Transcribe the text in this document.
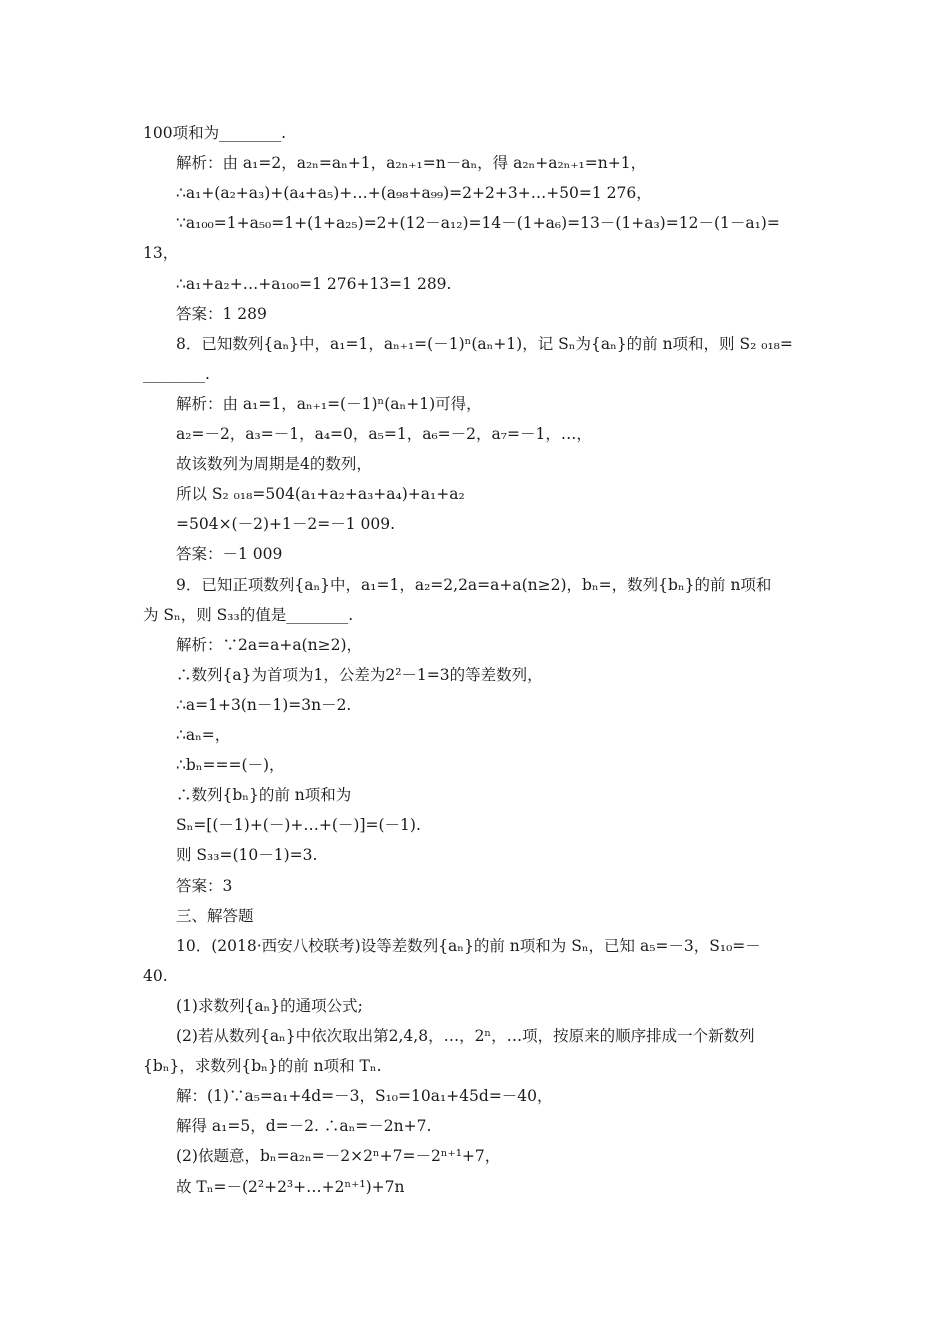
100项和为________.
解析：由 a₁=2，a₂ₙ=aₙ+1，a₂ₙ₊₁=n－aₙ，得 a₂ₙ+a₂ₙ₊₁=n+1，
∴a₁+(a₂+a₃)+(a₄+a₅)+…+(a₉₈+a₉₉)=2+2+3+…+50=1 276，
∵a₁₀₀=1+a₅₀=1+(1+a₂₅)=2+(12－a₁₂)=14－(1+a₆)=13－(1+a₃)=12－(1－a₁)=
13，
∴a₁+a₂+…+a₁₀₀=1 276+13=1 289.
答案：1 289
8．已知数列{aₙ}中，a₁=1，aₙ₊₁=(－1)ⁿ(aₙ+1)，记 Sₙ为{aₙ}的前 n项和，则 S₂ ₀₁₈=
________.
解析：由 a₁=1，aₙ₊₁=(－1)ⁿ(aₙ+1)可得，
a₂=－2，a₃=－1，a₄=0，a₅=1，a₆=－2，a₇=－1，…，
故该数列为周期是4的数列，
所以 S₂ ₀₁₈=504(a₁+a₂+a₃+a₄)+a₁+a₂
=504×(－2)+1－2=－1 009.
答案：－1 009
9．已知正项数列{aₙ}中，a₁=1，a₂=2,2a=a+a(n≥2)，bₙ=，数列{bₙ}的前 n项和
为 Sₙ，则 S₃₃的值是________.
解析：∵2a=a+a(n≥2)，
∴数列{a}为首项为1，公差为2²－1=3的等差数列，
∴a=1+3(n－1)=3n－2.
∴aₙ=，
∴bₙ===(－)，
∴数列{bₙ}的前 n项和为
Sₙ=[(－1)+(－)+…+(－)]=(－1).
则 S₃₃=(10－1)=3.
答案：3
三、解答题
10．(2018·西安八校联考)设等差数列{aₙ}的前 n项和为 Sₙ，已知 a₅=－3，S₁₀=－
40.
(1)求数列{aₙ}的通项公式;
(2)若从数列{aₙ}中依次取出第2,4,8，…，2ⁿ，…项，按原来的顺序排成一个新数列
{bₙ}，求数列{bₙ}的前 n项和 Tₙ.
解：(1)∵a₅=a₁+4d=－3，S₁₀=10a₁+45d=－40，
解得 a₁=5，d=－2. ∴aₙ=－2n+7.
(2)依题意，bₙ=a₂ₙ=－2×2ⁿ+7=－2ⁿ⁺¹+7，
故 Tₙ=－(2²+2³+…+2ⁿ⁺¹)+7n
